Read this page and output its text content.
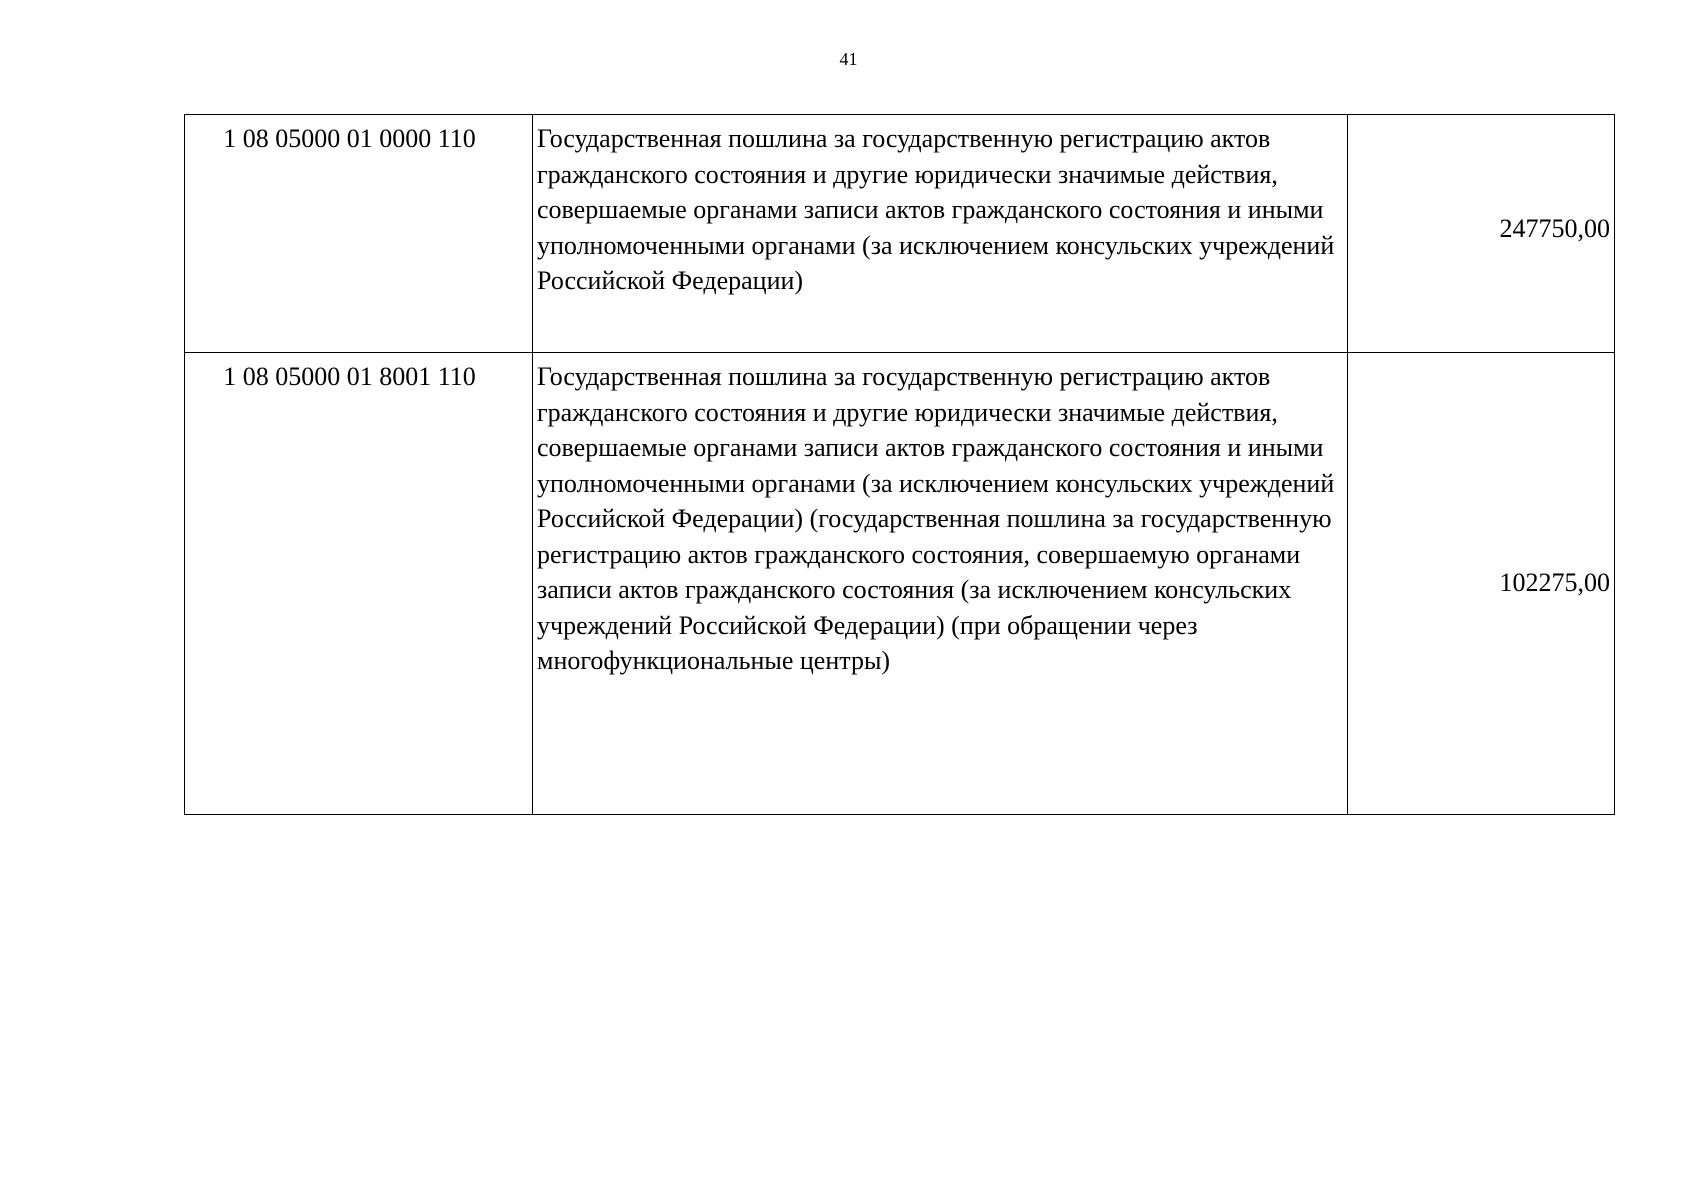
41
1 08 05000 01 0000 110	Государственная пошлина за государственную регистрацию актов гражданского состояния и другие юридически значимые действия, совершаемые органами записи актов гражданского состояния и иными уполномоченными органами (за исключением консульских учреждений Российской Федерации)	247750,00
1 08 05000 01 8001 110	Государственная пошлина за государственную регистрацию актов гражданского состояния и другие юридически значимые действия, совершаемые органами записи актов гражданского состояния и иными уполномоченными органами (за исключением консульских учреждений Российской Федерации) (государственная пошлина за государственную регистрацию актов гражданского состояния, совершаемую органами записи актов гражданского состояния (за исключением консульских учреждений Российской Федерации) (при обращении через многофункциональные центры)	102275,00
